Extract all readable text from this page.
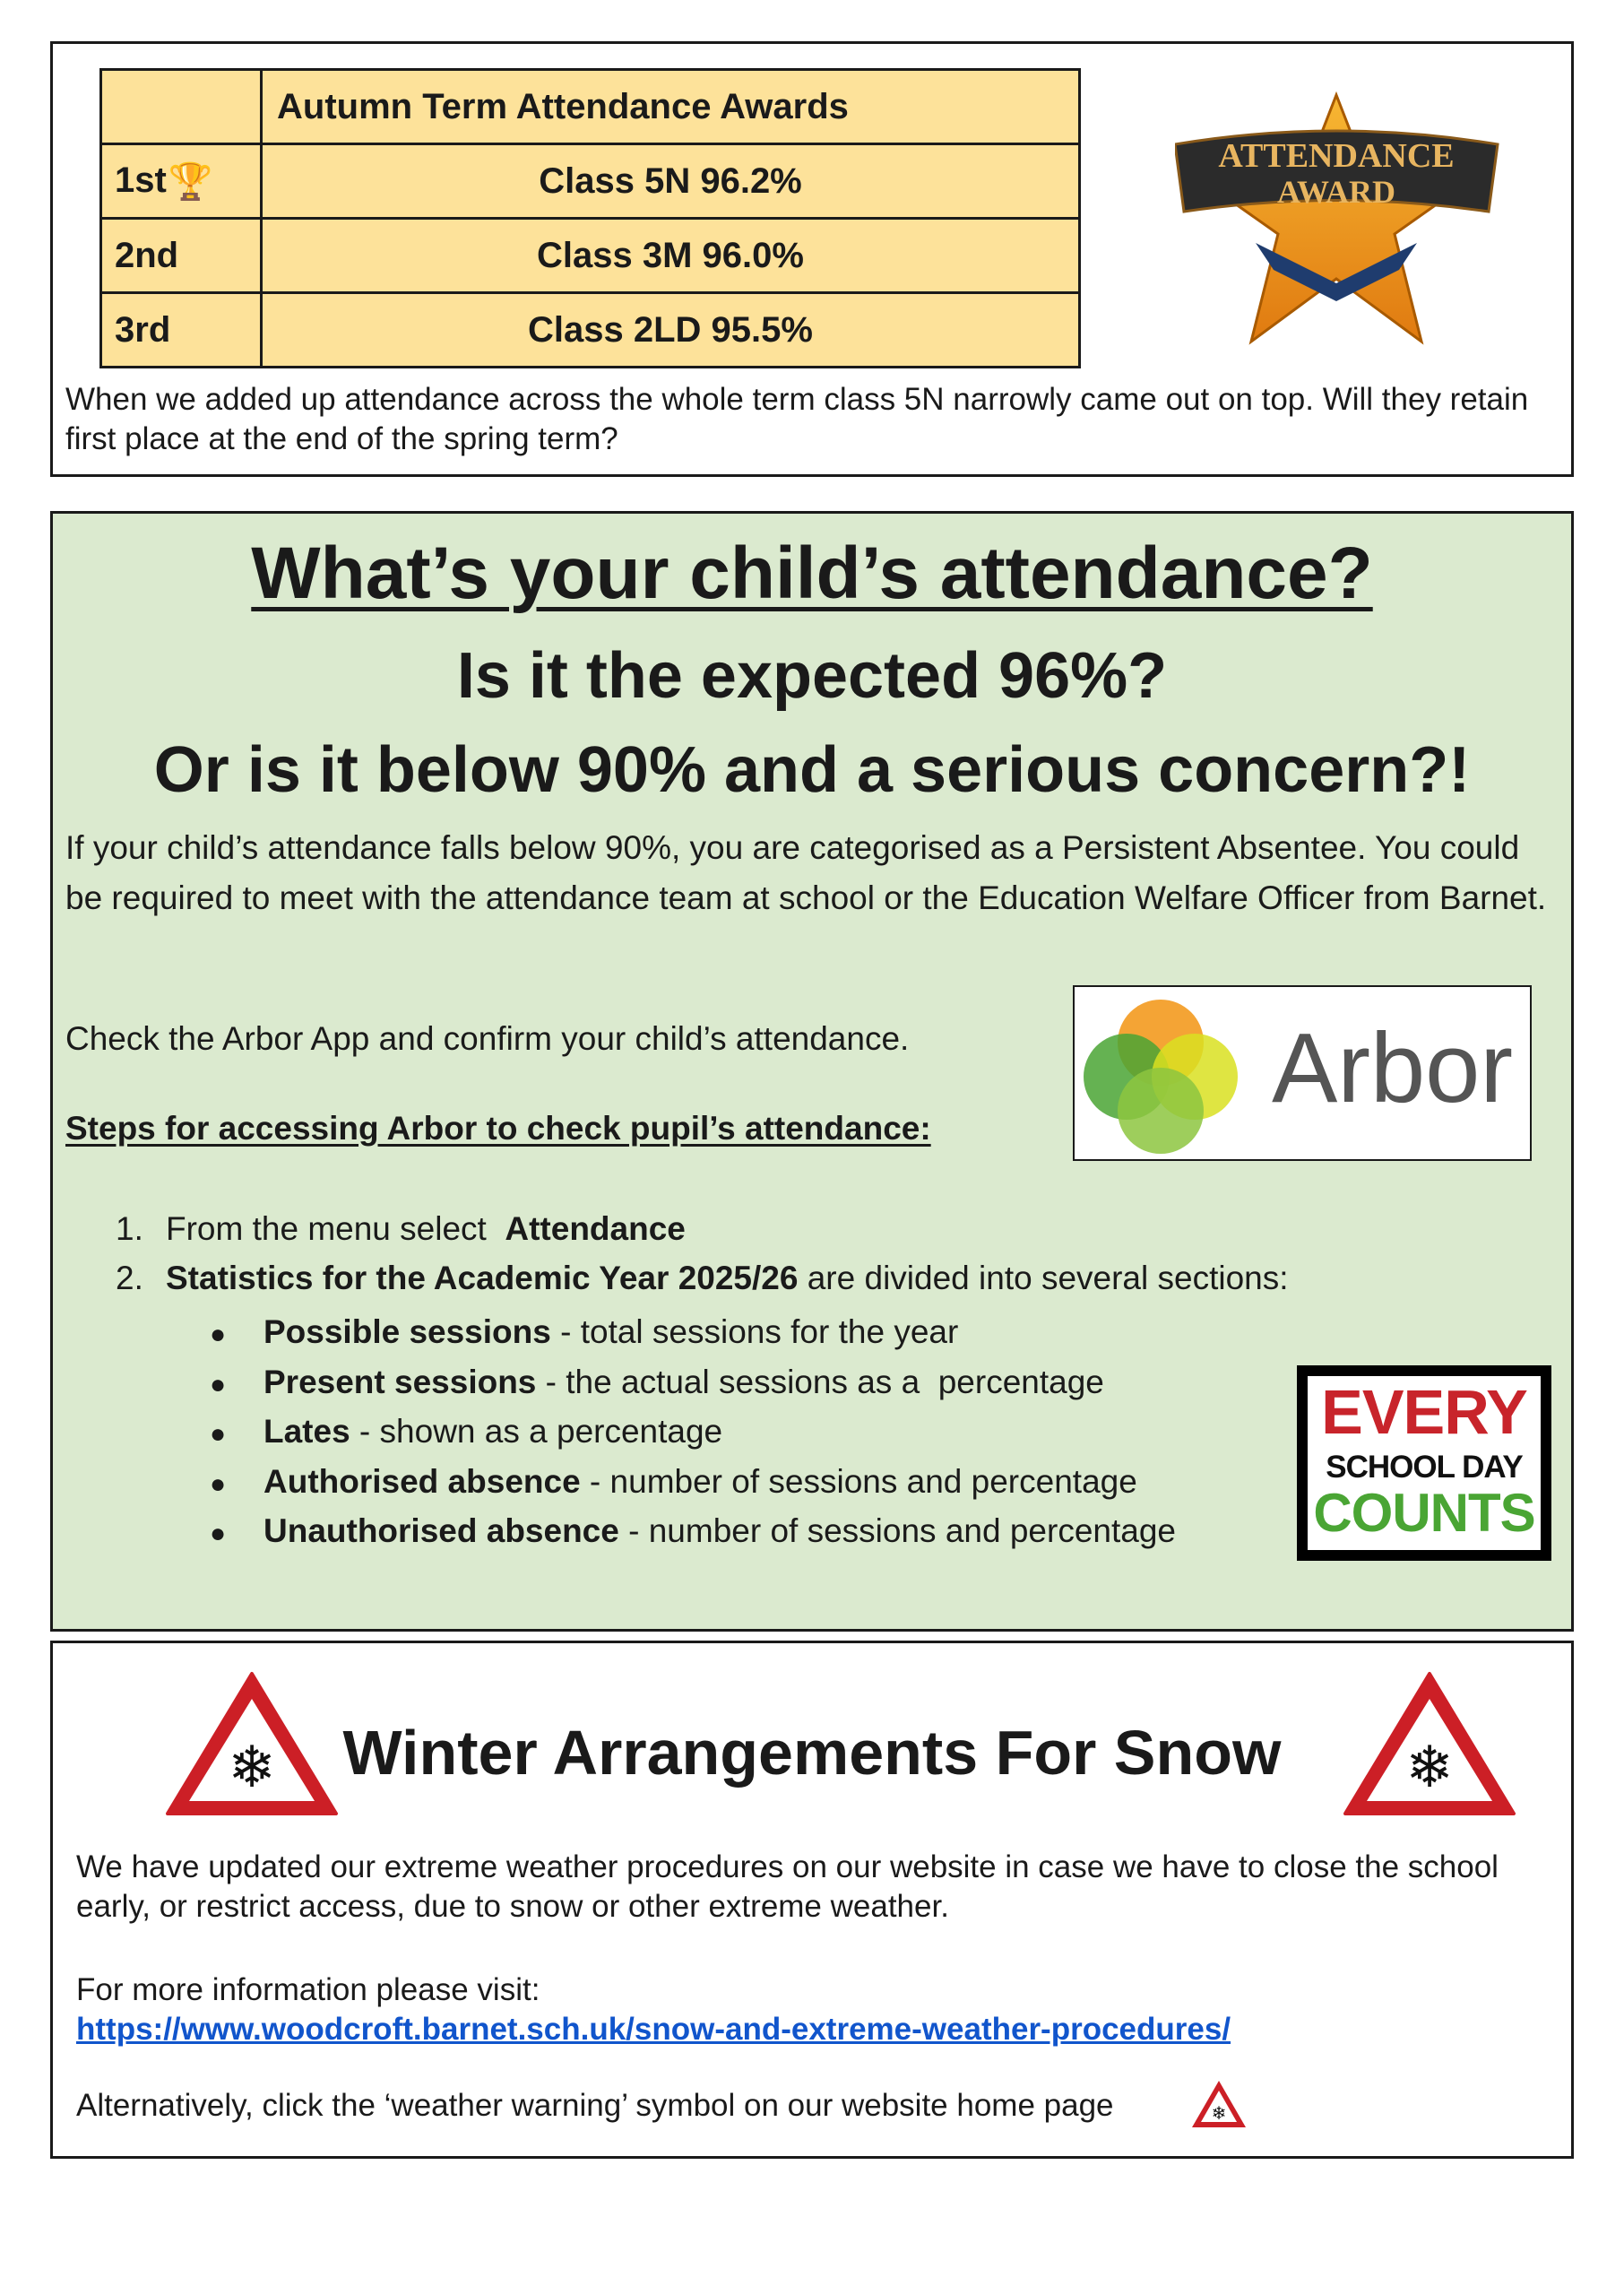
	Autumn Term Attendance Awards
1st🏆	Class 5N 96.2%
2nd	Class 3M 96.0%
3rd	Class 2LD 95.5%
ATTENDANCE
AWARD
When we added up attendance across the whole term class 5N narrowly came out on top. Will they retain first place at the end of the spring term?
What’s your child’s attendance?
Is it the expected 96%?
Or is it below 90% and a serious concern?!
If your child’s attendance falls below 90%, you are categorised as a Persistent Absentee. You could be required to meet with the attendance team at school or the Education Welfare Officer from Barnet.
Check the Arbor App and confirm your child’s attendance.
Steps for accessing Arbor to check pupil’s attendance:
Arbor
1. From the menu select  Attendance
2. Statistics for the Academic Year 2025/26 are divided into several sections:
● Possible sessions - total sessions for the year
● Present sessions - the actual sessions as a  percentage
● Lates - shown as a percentage
● Authorised absence - number of sessions and percentage
● Unauthorised absence - number of sessions and percentage
EVERY
SCHOOL DAY
COUNTS
❄	Winter Arrangements For Snow	❄
We have updated our extreme weather procedures on our website in case we have to close the school early, or restrict access, due to snow or other extreme weather.
For more information please visit:
https://www.woodcroft.barnet.sch.uk/snow-and-extreme-weather-procedures/
Alternatively, click the ‘weather warning’ symbol on our website home page	❄
